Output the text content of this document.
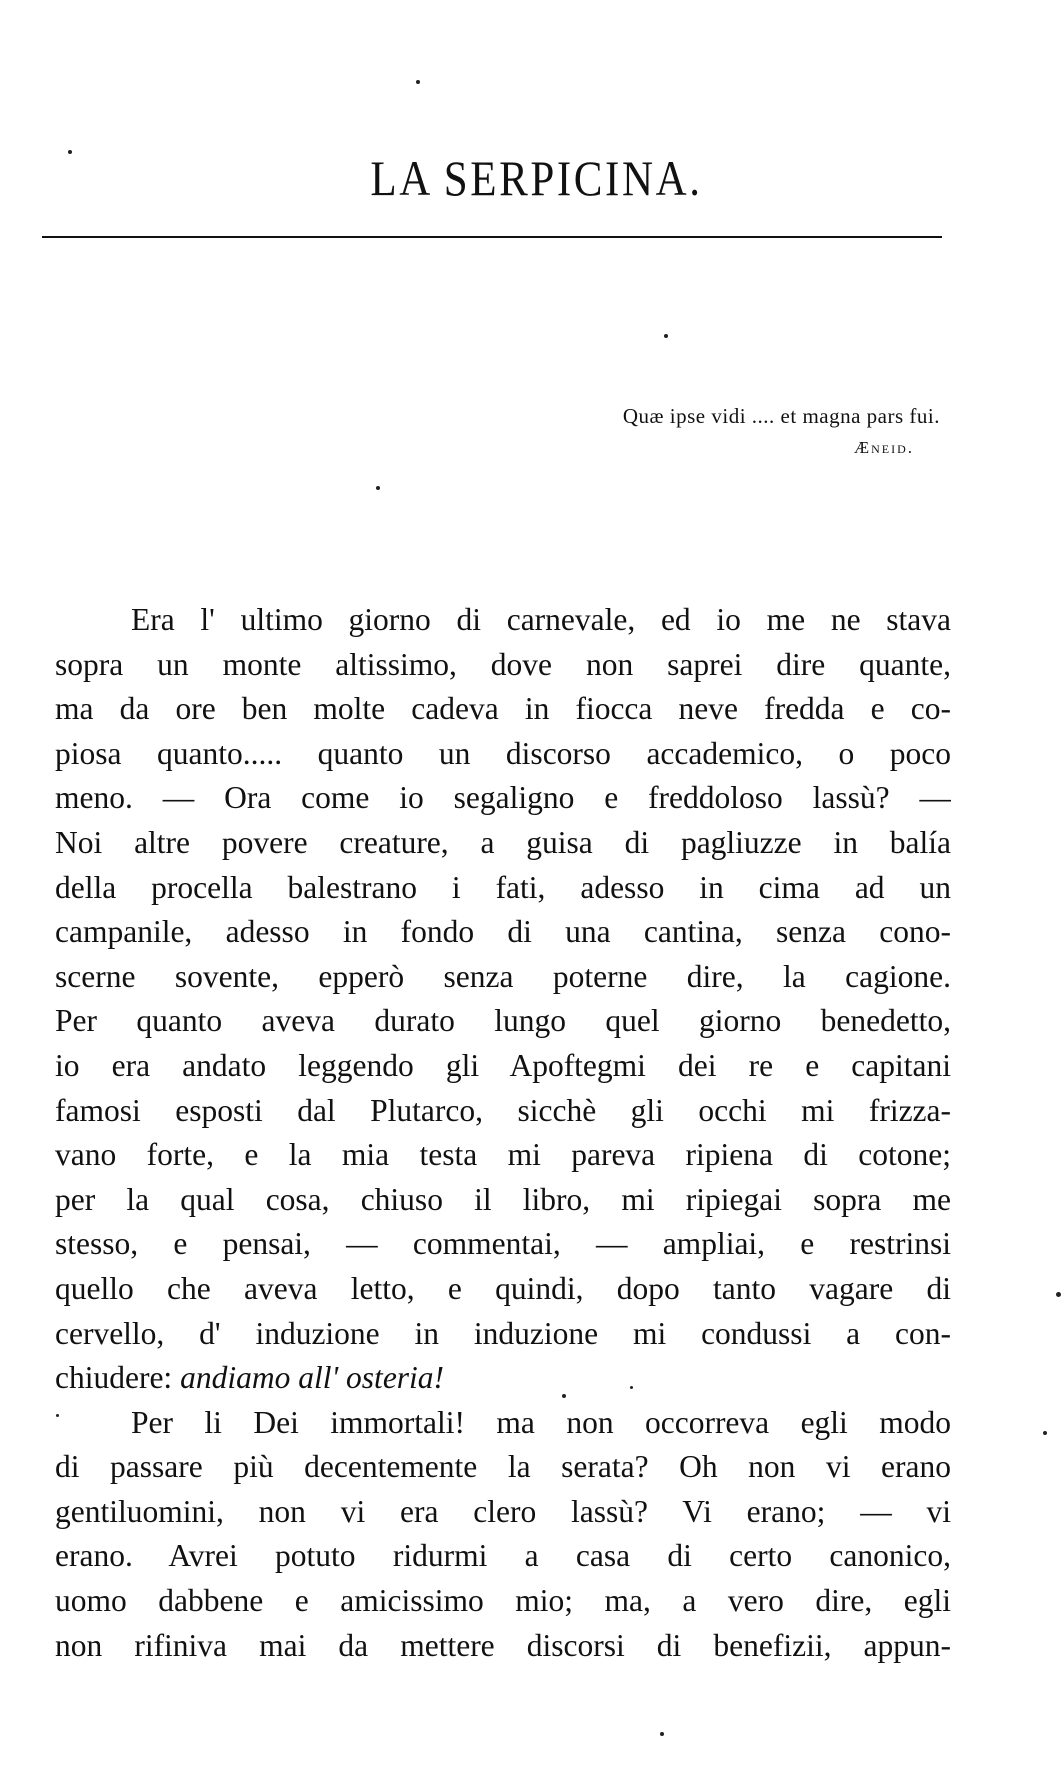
LA SERPICINA.
Quæ ipse vidi .... et magna pars fui.
Æneid.
Era l' ultimo giorno di carnevale, ed io me ne stava
sopra un monte altissimo, dove non saprei dire quante,
ma da ore ben molte cadeva in fiocca neve fredda e co-
piosa quanto..... quanto un discorso accademico, o poco
meno. — Ora come io segaligno e freddoloso lassù? —
Noi altre povere creature, a guisa di pagliuzze in balía
della procella balestrano i fati, adesso in cima ad un
campanile, adesso in fondo di una cantina, senza cono-
scerne sovente, epperò senza poterne dire, la cagione.
Per quanto aveva durato lungo quel giorno benedetto,
io era andato leggendo gli Apoftegmi dei re e capitani
famosi esposti dal Plutarco, sicchè gli occhi mi frizza-
vano forte, e la mia testa mi pareva ripiena di cotone;
per la qual cosa, chiuso il libro, mi ripiegai sopra me
stesso, e pensai, — commentai, — ampliai, e restrinsi
quello che aveva letto, e quindi, dopo tanto vagare di
cervello, d' induzione in induzione mi condussi a con-
chiudere: andiamo all' osteria!
Per li Dei immortali! ma non occorreva egli modo
di passare più decentemente la serata? Oh non vi erano
gentiluomini, non vi era clero lassù? Vi erano; — vi
erano. Avrei potuto ridurmi a casa di certo canonico,
uomo dabbene e amicissimo mio; ma, a vero dire, egli
non rifiniva mai da mettere discorsi di benefizii, appun-
